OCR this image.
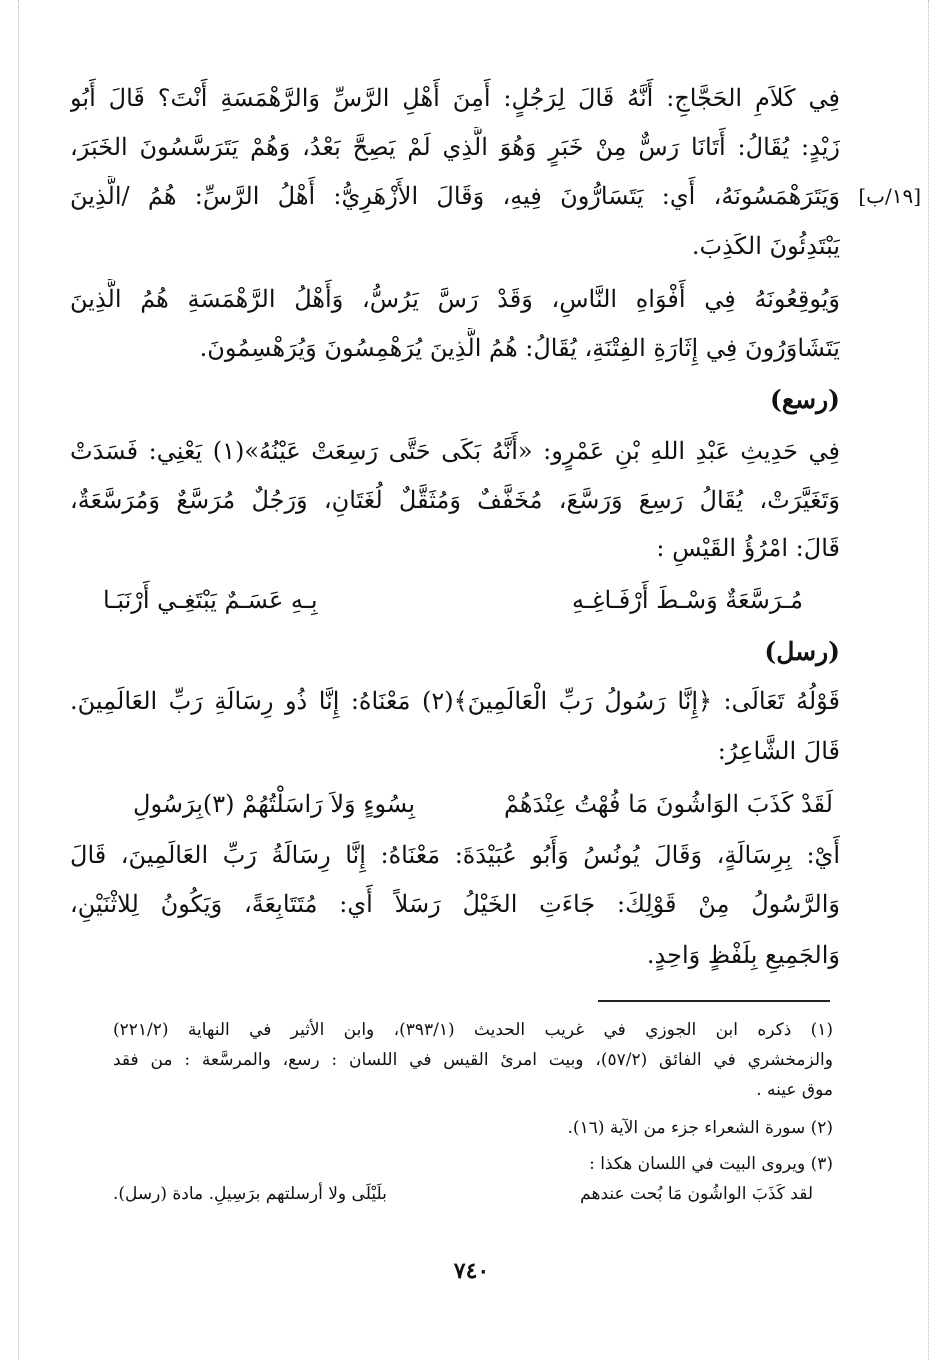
فِي كَلاَمِ الحَجَّاجِ: أَنَّهُ قَالَ لِرَجُلٍ: أَمِنَ أَهْلِ الرَّسِّ وَالرَّهْمَسَةِ أَنْتَ؟ قَالَ أَبُو
زَيْدٍ: يُقَالُ: أَتَانَا رَسٌّ مِنْ خَبَرٍ وَهُوَ الَّذِي لَمْ يَصِحَّ بَعْدُ، وَهُمْ يَتَرَسَّسُونَ الخَبَرَ،
وَيَتَرَهْمَسُونَهُ، أَي: يَتَسَارُّونَ فِيهِ، وَقَالَ الأَزْهَرِيُّ: أَهْلُ الرَّسِّ: هُمُ /الَّذِينَ
يَبْتَدِئُونَ الكَذِبَ.
[١٩/ب]
وَيُوقِعُونَهُ فِي أَفْوَاهِ النَّاسِ، وَقَدْ رَسَّ يَرُسُّ، وَأَهْلُ الرَّهْمَسَةِ هُمُ الَّذِينَ
يَتَشَاوَرُونَ فِي إِثَارَةِ الفِتْنَةِ، يُقَالُ: هُمُ الَّذِينَ يُرَهْمِسُونَ وَيُرَهْسِمُونَ.
(رسع)
فِي حَدِيثِ عَبْدِ اللهِ بْنِ عَمْرٍو: «أَنَّهُ بَكَى حَتَّى رَسِعَتْ عَيْنُهُ»(١) يَعْنِي: فَسَدَتْ
وَتَغَيَّرَتْ، يُقَالُ رَسِعَ وَرَسَّعَ، مُخَفَّفٌ وَمُثَقَّلٌ لُغَتَانِ، وَرَجُلٌ مُرَسَّعٌ وَمُرَسَّعَةٌ،
قَالَ: امْرُؤُ القَيْسِ :
مُـرَسَّعَةٌ وَسْـطَ أَرْفَـاغِـهِ
بِـهِ عَسَـمٌ يَبْتَغِـي أَرْنَبَـا
(رسل)
قَوْلُهُ تَعَالَى: ﴿إِنَّا رَسُولُ رَبِّ الْعَالَمِينَ﴾(٢) مَعْنَاهُ: إِنَّا ذُو رِسَالَةِ رَبِّ العَالَمِينَ.
قَالَ الشَّاعِرُ:
لَقَدْ كَذَبَ الوَاشُونَ مَا فُهْتُ عِنْدَهُمْ
بِسُوءٍ وَلاَ رَاسَلْتُهُمْ (٣)بِرَسُولِ
أَيْ: بِرِسَالَةٍ، وَقَالَ يُونُسُ وَأَبُو عُبَيْدَةَ: مَعْنَاهُ: إِنَّا رِسَالَةُ رَبِّ العَالَمِينَ، قَالَ
وَالرَّسُولُ مِنْ قَوْلِكَ: جَاءَتِ الخَيْلُ رَسَلاً أَي: مُتَتَابِعَةً، وَيَكُونُ لِلاثْنَيْنِ،
وَالجَمِيعِ بِلَفْظٍ وَاحِدٍ.
(١) ذكره ابن الجوزي في غريب الحديث (٣٩٣/١)، وابن الأثير في النهاية (٢٢١/٢)
والزمخشري في الفائق (٥٧/٢)، وبيت امرئ القيس في اللسان : رسع، والمرسَّعة : من فقد
موق عينه .
(٢) سورة الشعراء جزء من الآية (١٦).
(٣) ويروى البيت في اللسان هكذا :
لقد كَذَبَ الواشُون مَا بُحت عندهم
بلَيْلَى ولا أرسلتهم برَسِيلِ. مادة (رسل).
٧٤٠
